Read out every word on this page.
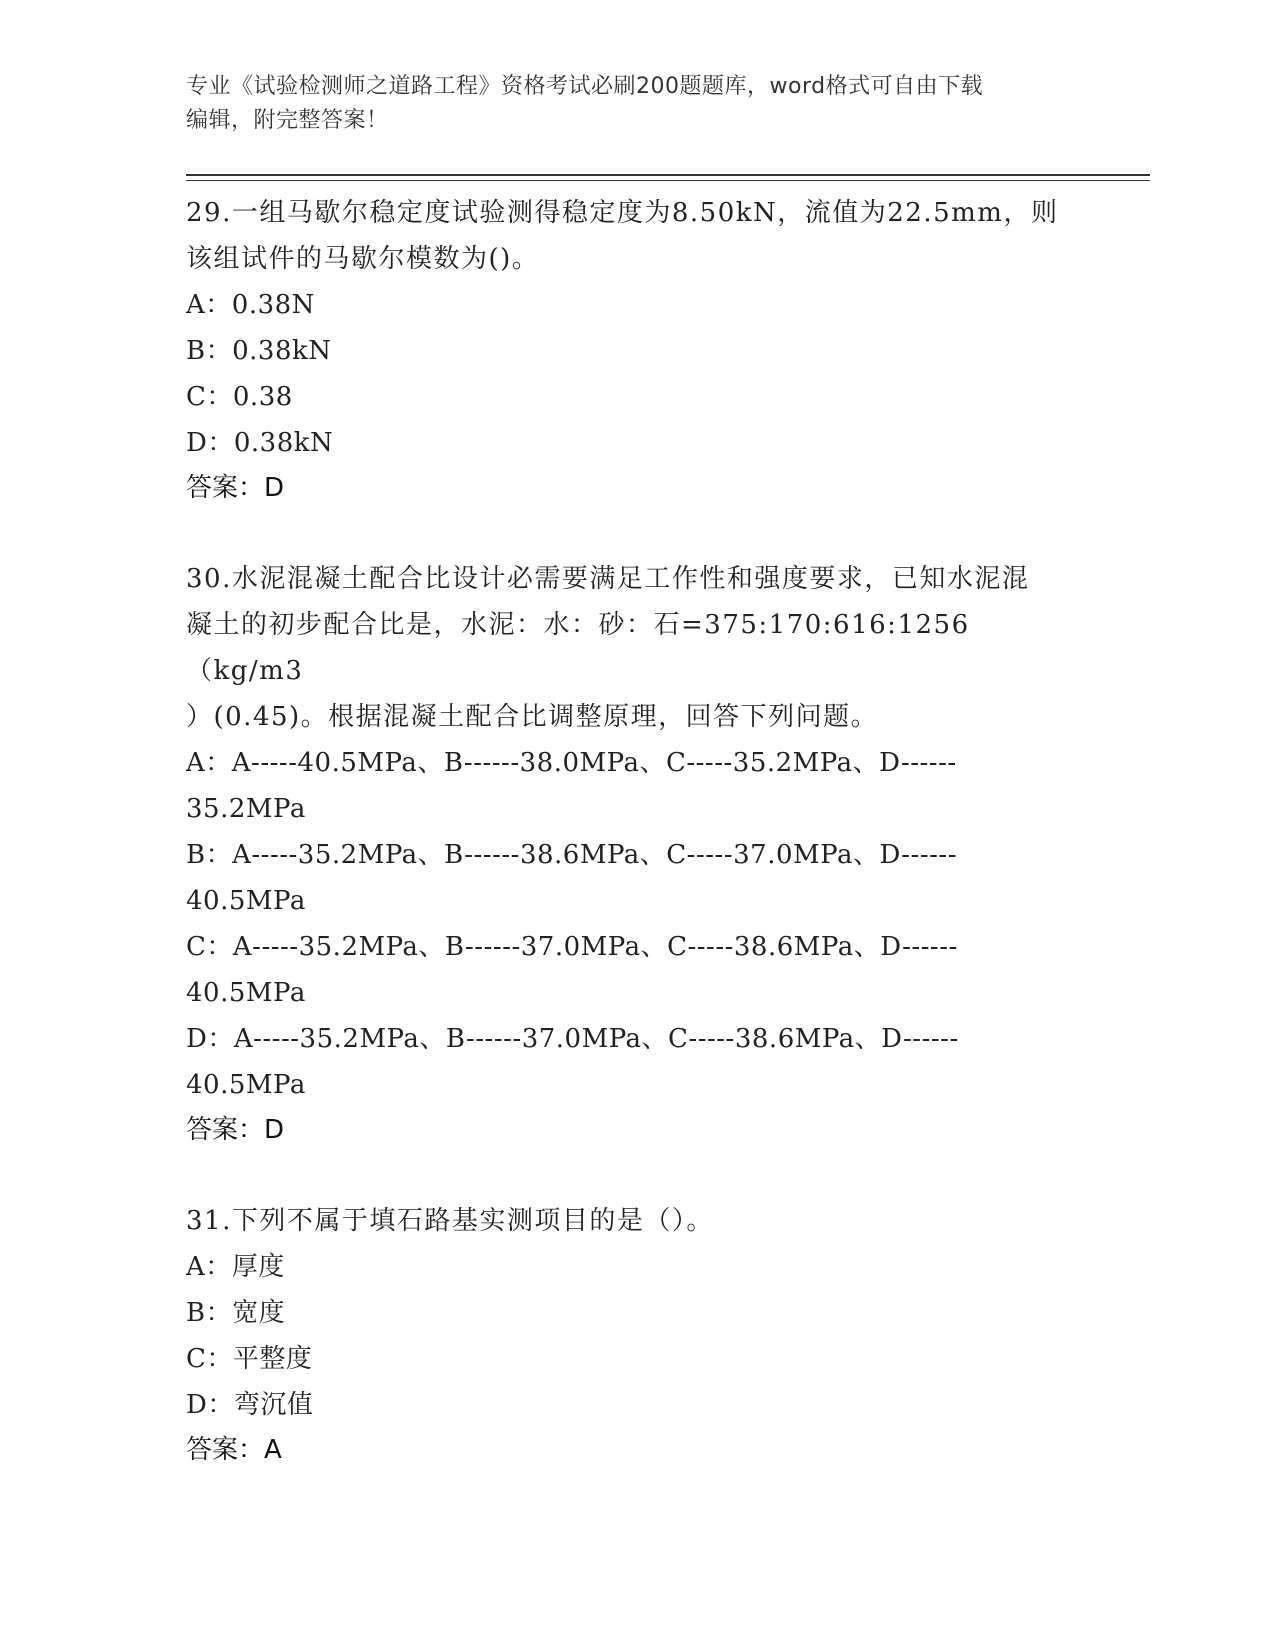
专业《试验检测师之道路工程》资格考试必刷200题题库，word格式可自由下载
编辑，附完整答案！
29.一组马歇尔稳定度试验测得稳定度为8.50kN，流值为22.5mm，则
该组试件的马歇尔模数为()。
A：0.38N
B：0.38kN
C：0.38
D：0.38kN
答案：D
30.水泥混凝土配合比设计必需要满足工作性和强度要求，已知水泥混
凝土的初步配合比是，水泥：水：砂：石=375:170:616:1256（kg/m3
）(0.45)。根据混凝土配合比调整原理，回答下列问题。
A：A-----40.5MPa、B------38.0MPa、C-----35.2MPa、D------
35.2MPa
B：A-----35.2MPa、B------38.6MPa、C-----37.0MPa、D------
40.5MPa
C：A-----35.2MPa、B------37.0MPa、C-----38.6MPa、D------
40.5MPa
D：A-----35.2MPa、B------37.0MPa、C-----38.6MPa、D------
40.5MPa
答案：D
31.下列不属于填石路基实测项目的是（）。
A：厚度
B：宽度
C：平整度
D：弯沉值
答案：A
